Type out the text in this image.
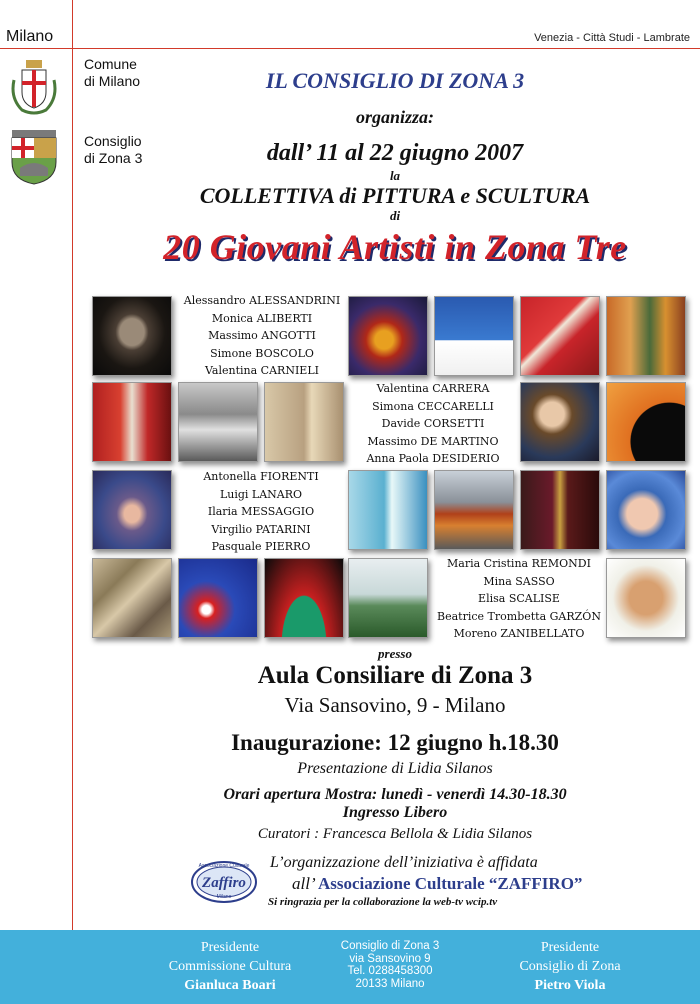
Milano	Venezia - Città Studi - Lambrate
Comune
di Milano
Consiglio
di Zona 3
IL CONSIGLIO DI ZONA 3
organizza:
dall’ 11 al 22 giugno 2007
la
COLLETTIVA di PITTURA e SCULTURA
di
20 Giovani Artisti in Zona Tre
Alessandro ALESSANDRINI
Monica ALIBERTI
Massimo ANGOTTI
Simone BOSCOLO
Valentina CARNIELI
Valentina CARRERA
Simona CECCARELLI
Davide CORSETTI
Massimo DE MARTINO
Anna Paola DESIDERIO
Antonella FIORENTI
Luigi LANARO
Ilaria MESSAGGIO
Virgilio PATARINI
Pasquale PIERRO
Maria Cristina REMONDI
Mina SASSO
Elisa SCALISE
Beatrice Trombetta GARZÓN
Moreno ZANIBELLATO
presso
Aula Consiliare di Zona 3
Via Sansovino, 9 - Milano
Inaugurazione: 12 giugno h.18.30
Presentazione di Lidia Silanos
Orari apertura Mostra: lunedì - venerdì 14.30-18.30
Ingresso Libero
Curatori : Francesca Bellola & Lidia Silanos
Associazione Culturale
Zaffiro
Milano
L’organizzazione dell’iniziativa è affidata
all’ Associazione Culturale “ZAFFIRO”
Si ringrazia per la collaborazione la web-tv wcip.tv
Presidente
Commissione Cultura
Gianluca Boari
Consiglio di Zona 3
via Sansovino 9
Tel. 0288458300
20133 Milano
Presidente
Consiglio di Zona
Pietro Viola
